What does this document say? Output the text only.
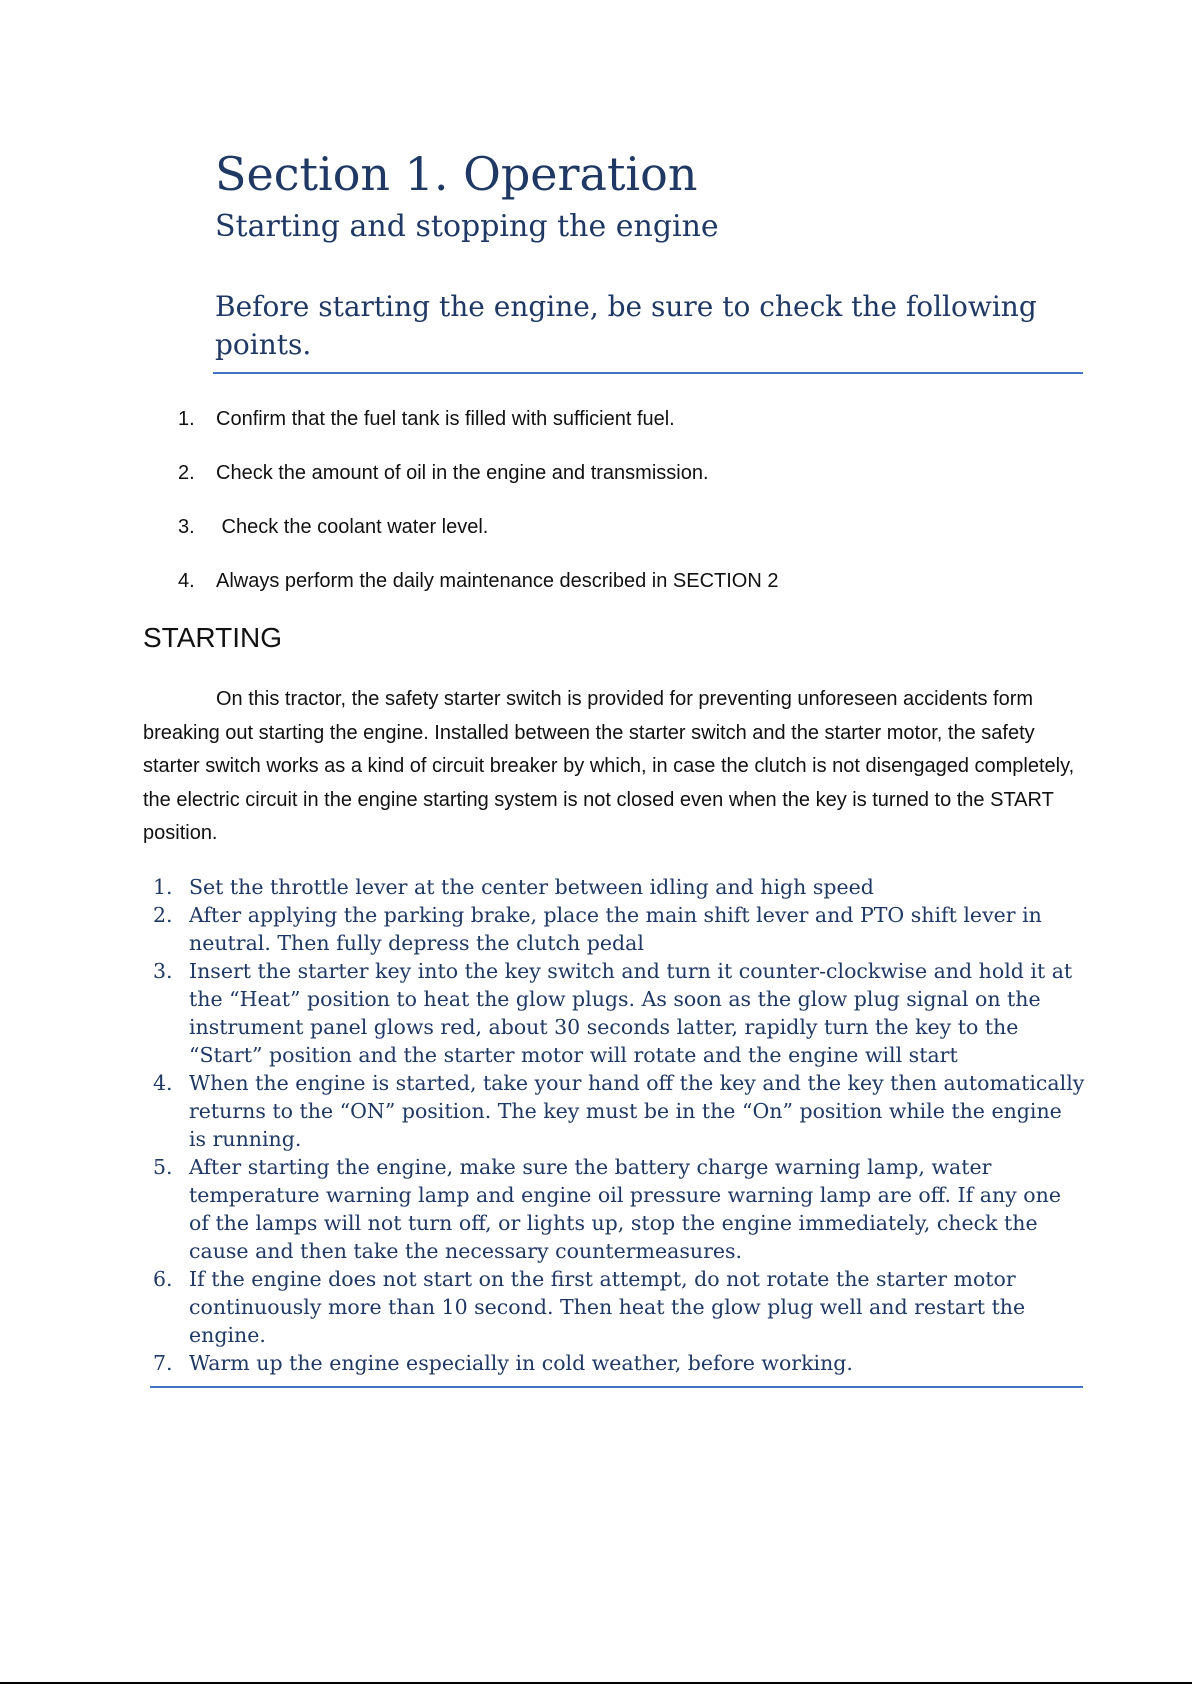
Section 1. Operation
Starting and stopping the engine
Before starting the engine, be sure to check the following points.
1. Confirm that the fuel tank is filled with sufficient fuel.
2. Check the amount of oil in the engine and transmission.
3. Check the coolant water level.
4. Always perform the daily maintenance described in SECTION 2
STARTING

On this tractor, the safety starter switch is provided for preventing unforeseen accidents form breaking out starting the engine. Installed between the starter switch and the starter motor, the safety starter switch works as a kind of circuit breaker by which, in case the clutch is not disengaged completely, the electric circuit in the engine starting system is not closed even when the key is turned to the START position.

1. Set the throttle lever at the center between idling and high speed
2. After applying the parking brake, place the main shift lever and PTO shift lever in neutral. Then fully depress the clutch pedal
3. Insert the starter key into the key switch and turn it counter-clockwise and hold it at the “Heat” position to heat the glow plugs. As soon as the glow plug signal on the instrument panel glows red, about 30 seconds latter, rapidly turn the key to the “Start” position and the starter motor will rotate and the engine will start
4. When the engine is started, take your hand off the key and the key then automatically returns to the “ON” position. The key must be in the “On” position while the engine is running.
5. After starting the engine, make sure the battery charge warning lamp, water temperature warning lamp and engine oil pressure warning lamp are off. If any one of the lamps will not turn off, or lights up, stop the engine immediately, check the cause and then take the necessary countermeasures.
6. If the engine does not start on the first attempt, do not rotate the starter motor continuously more than 10 second. Then heat the glow plug well and restart the engine.
7. Warm up the engine especially in cold weather, before working.
